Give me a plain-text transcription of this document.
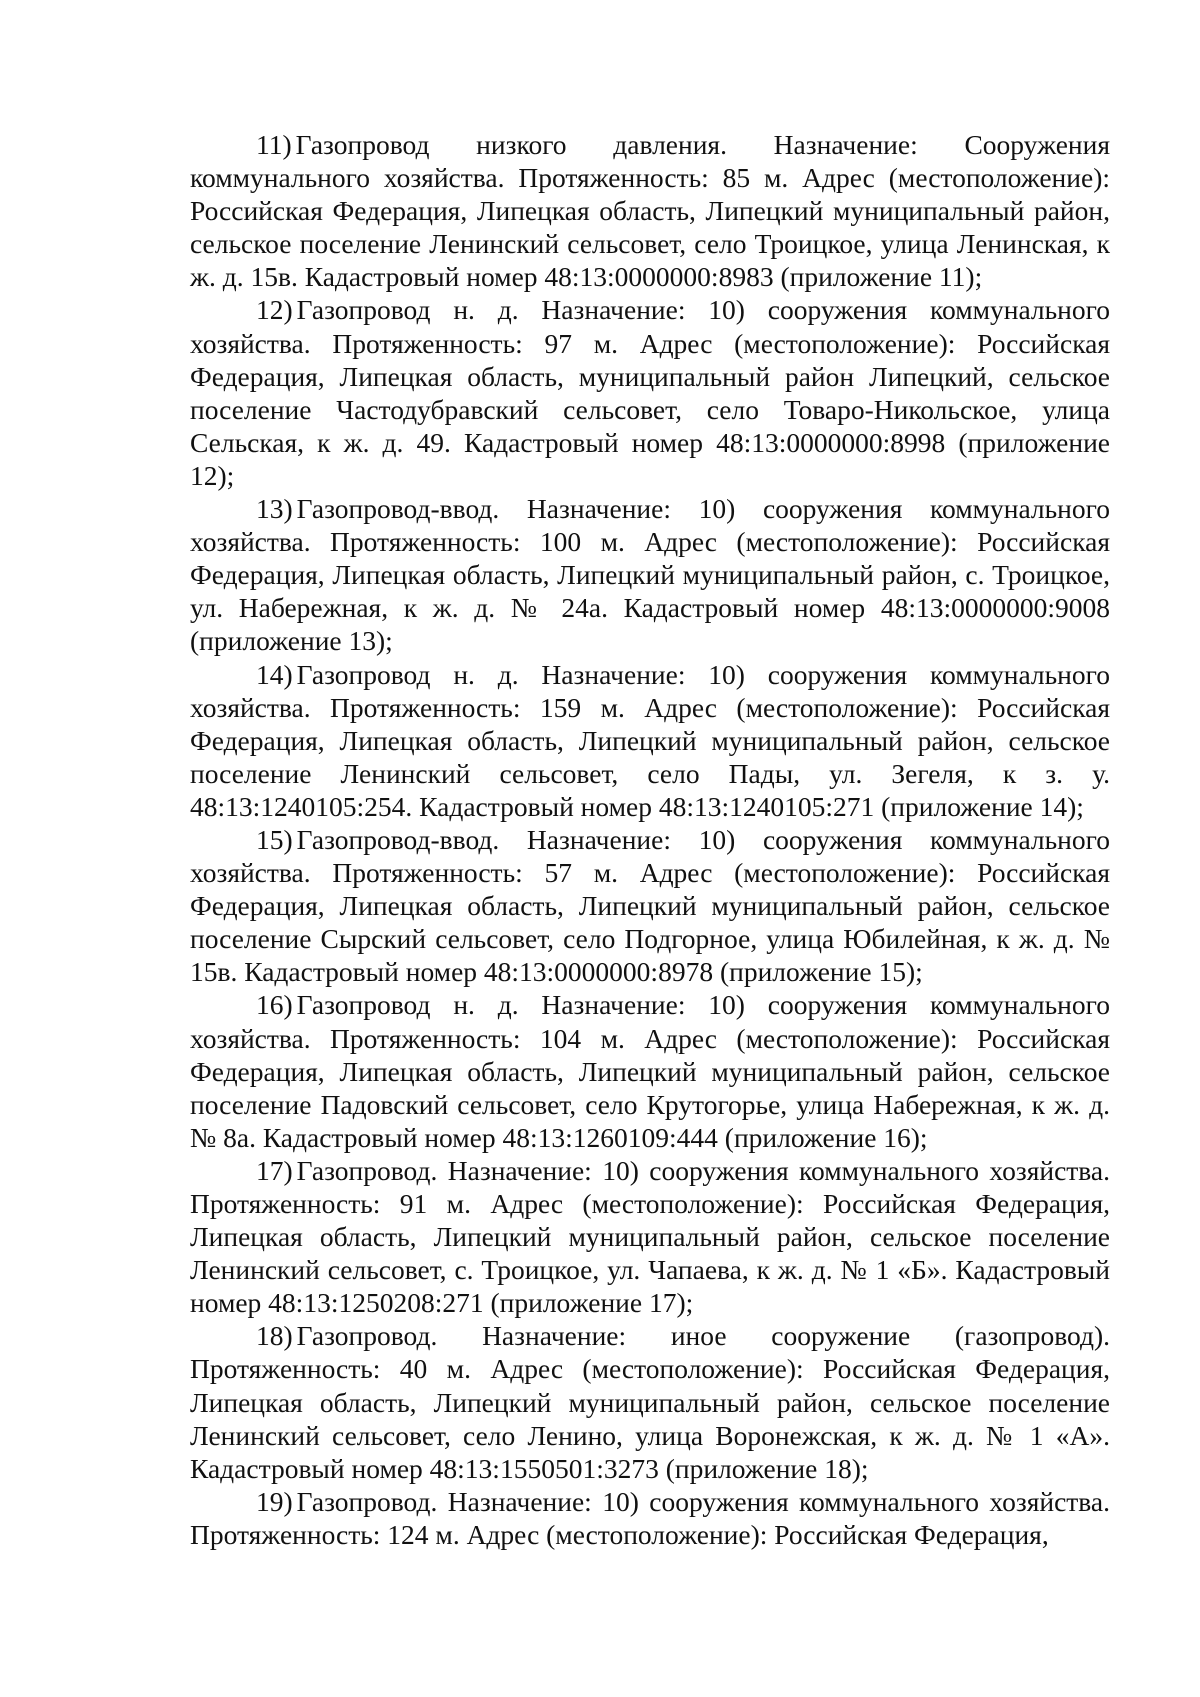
11) Газопровод низкого давления. Назначение: Сооружения коммунального хозяйства. Протяженность: 85 м. Адрес (местоположение): Российская Федерация, Липецкая область, Липецкий муниципальный район, сельское поселение Ленинский сельсовет, село Троицкое, улица Ленинская, к ж. д. 15в. Кадастровый номер 48:13:0000000:8983 (приложение 11);

12) Газопровод н. д. Назначение: 10) сооружения коммунального хозяйства. Протяженность: 97 м. Адрес (местоположение): Российская Федерация, Липецкая область, муниципальный район Липецкий, сельское поселение Частодубравский сельсовет, село Товаро-Никольское, улица Сельская, к ж. д. 49. Кадастровый номер 48:13:0000000:8998 (приложение 12);

13) Газопровод-ввод. Назначение: 10) сооружения коммунального хозяйства. Протяженность: 100 м. Адрес (местоположение): Российская Федерация, Липецкая область, Липецкий муниципальный район, с. Троицкое, ул. Набережная, к ж. д. № 24а. Кадастровый номер 48:13:0000000:9008 (приложение 13);

14) Газопровод н. д. Назначение: 10) сооружения коммунального хозяйства. Протяженность: 159 м. Адрес (местоположение): Российская Федерация, Липецкая область, Липецкий муниципальный район, сельское поселение Ленинский сельсовет, село Пады, ул. Зегеля, к з. у. 48:13:1240105:254. Кадастровый номер 48:13:1240105:271 (приложение 14);

15) Газопровод-ввод. Назначение: 10) сооружения коммунального хозяйства. Протяженность: 57 м. Адрес (местоположение): Российская Федерация, Липецкая область, Липецкий муниципальный район, сельское поселение Сырский сельсовет, село Подгорное, улица Юбилейная, к ж. д. № 15в. Кадастровый номер 48:13:0000000:8978 (приложение 15);

16) Газопровод н. д. Назначение: 10) сооружения коммунального хозяйства. Протяженность: 104 м. Адрес (местоположение): Российская Федерация, Липецкая область, Липецкий муниципальный район, сельское поселение Падовский сельсовет, село Крутогорье, улица Набережная, к ж. д. № 8а. Кадастровый номер 48:13:1260109:444 (приложение 16);

17) Газопровод. Назначение: 10) сооружения коммунального хозяйства. Протяженность: 91 м. Адрес (местоположение): Российская Федерация, Липецкая область, Липецкий муниципальный район, сельское поселение Ленинский сельсовет, с. Троицкое, ул. Чапаева, к ж. д. № 1 «Б». Кадастровый номер 48:13:1250208:271 (приложение 17);

18) Газопровод. Назначение: иное сооружение (газопровод). Протяженность: 40 м. Адрес (местоположение): Российская Федерация, Липецкая область, Липецкий муниципальный район, сельское поселение Ленинский сельсовет, село Ленино, улица Воронежская, к ж. д. № 1 «А». Кадастровый номер 48:13:1550501:3273 (приложение 18);

19) Газопровод. Назначение: 10) сооружения коммунального хозяйства. Протяженность: 124 м. Адрес (местоположение): Российская Федерация,
